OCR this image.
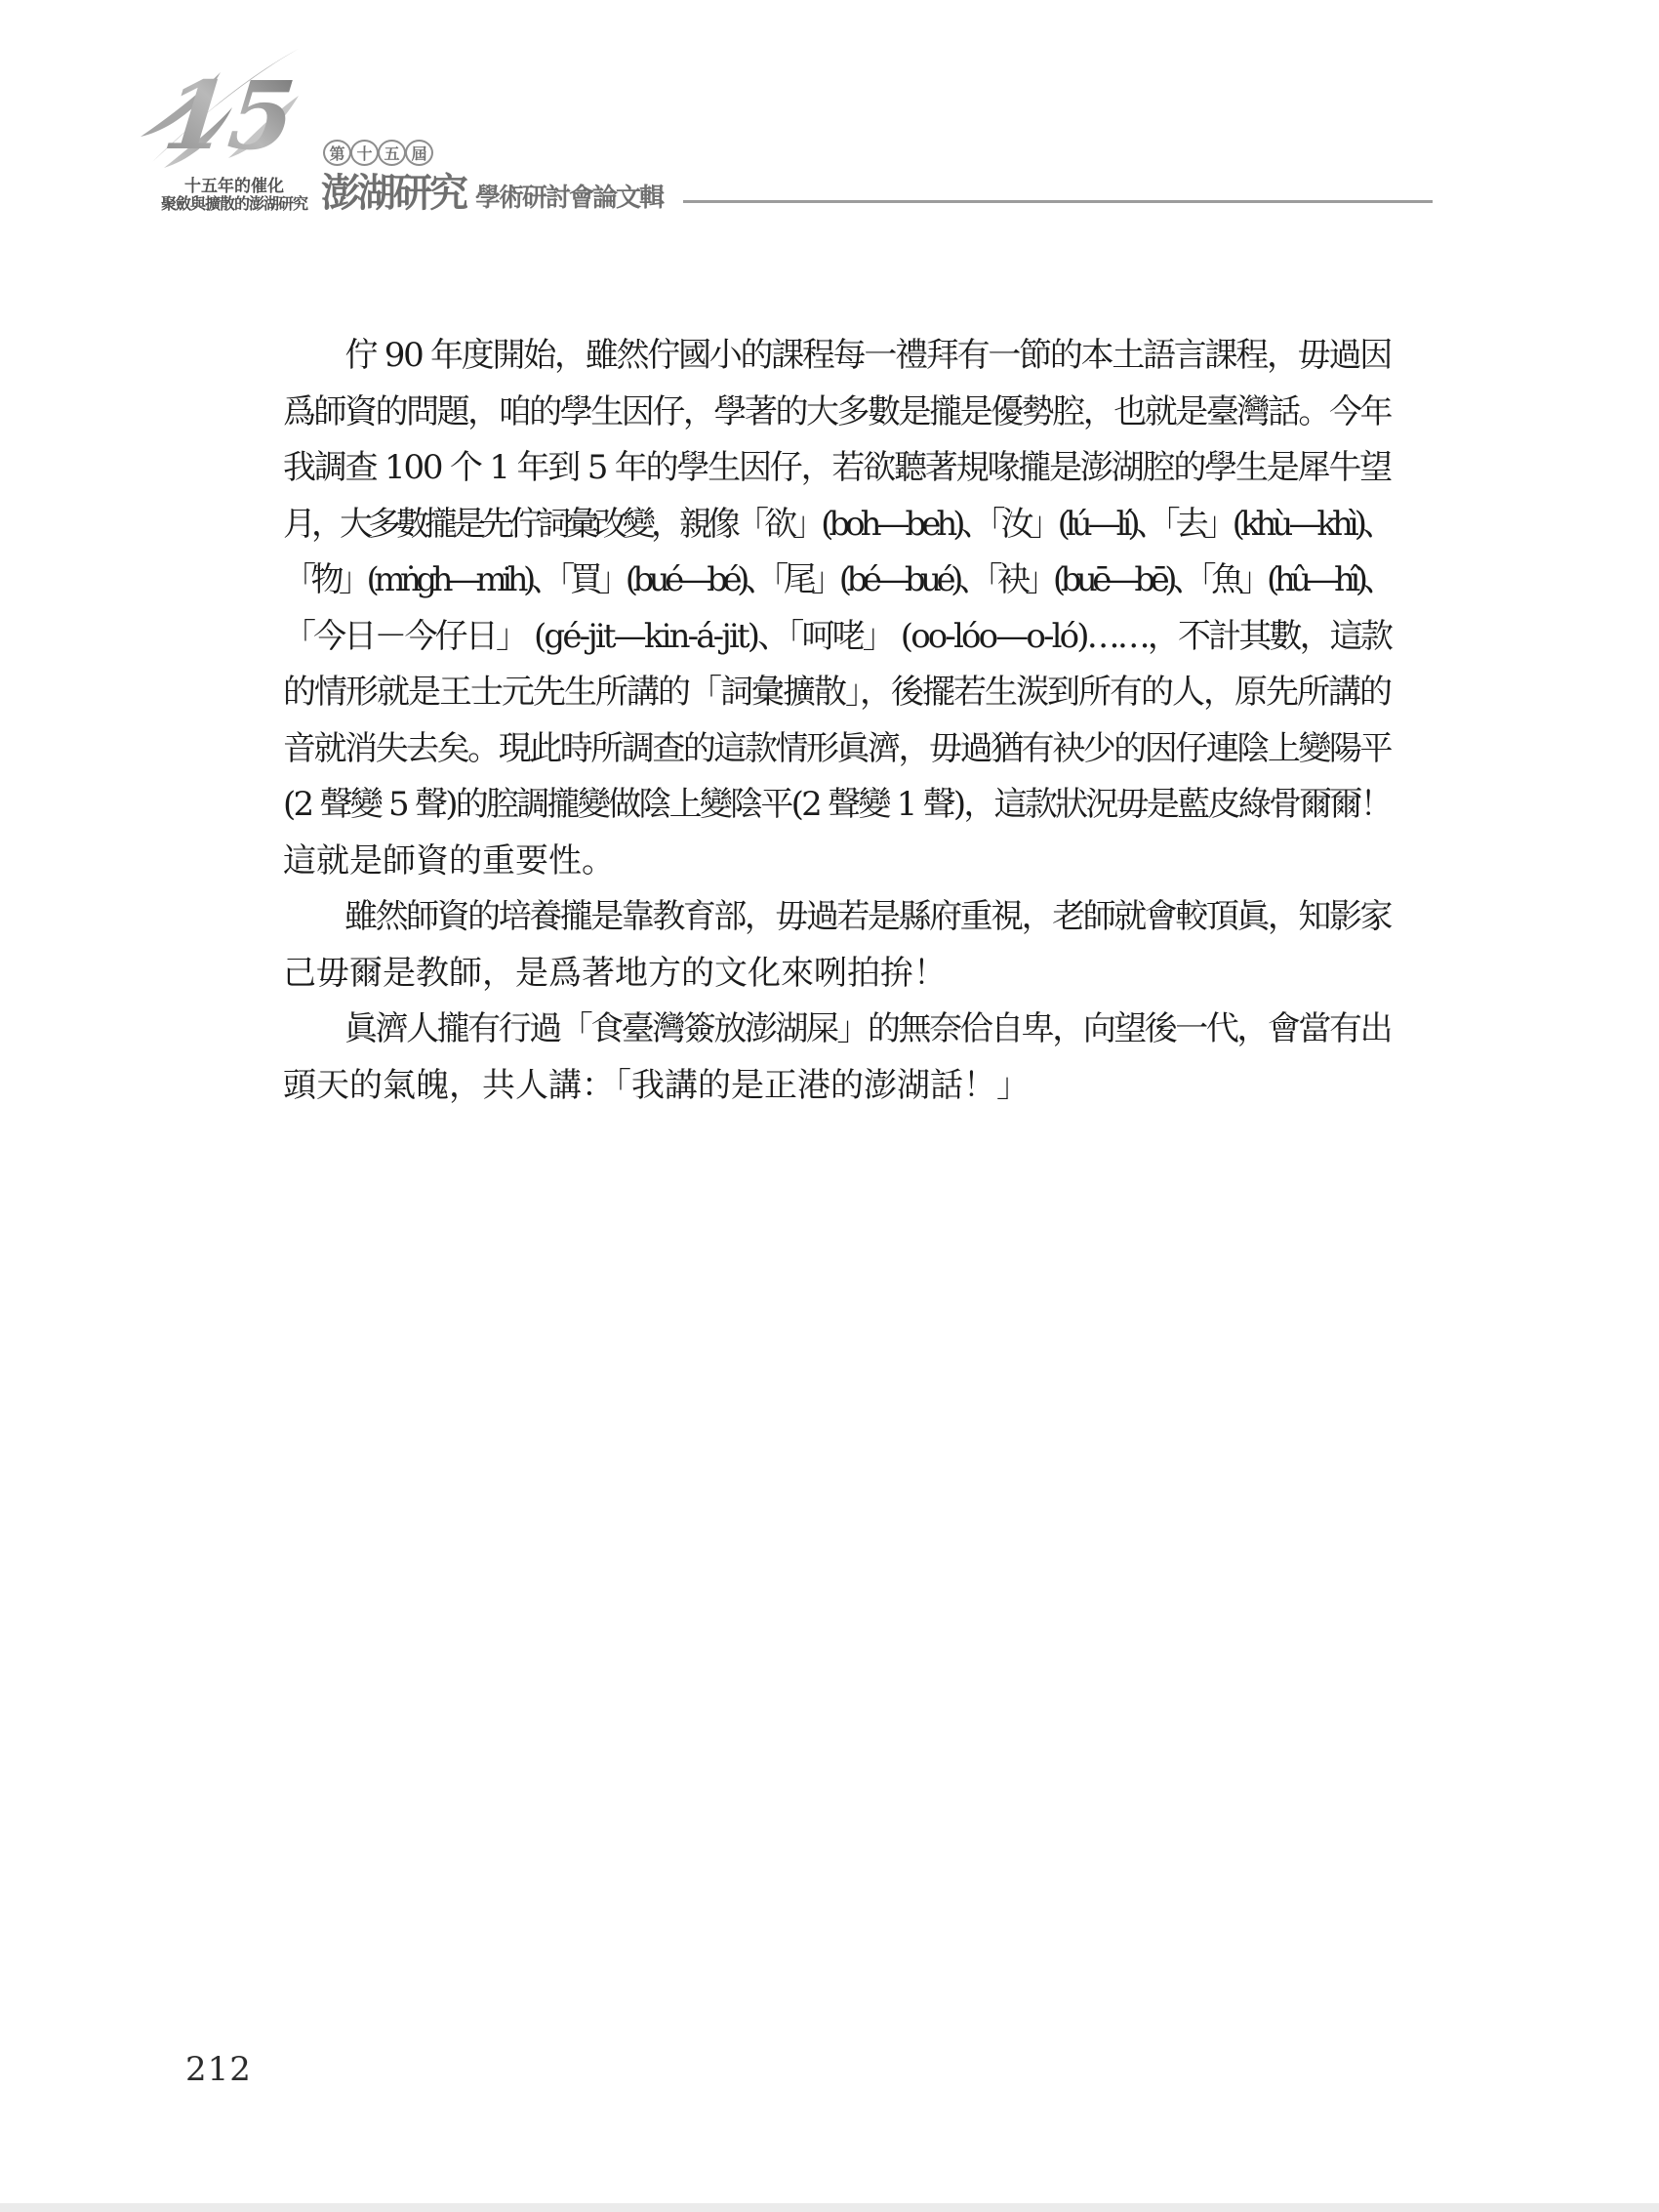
15
十五年的催化
聚斂與擴散的澎湖研究
第 十 五 屆
澎湖研究 學術研討會論文輯
　　佇 90 年度開始，雖然佇國小的課程每一禮拜有一節的本土語言課程，毋過因
爲師資的問題，咱的學生因仔，學著的大多數是攏是優勢腔，也就是臺灣話。今年
我調查 100 个 1 年到 5 年的學生因仔，若欲聽著規喙攏是澎湖腔的學生是犀牛望
月，大多數攏是先佇詞彙改變，親像「欲」(boh—beh)、「汝」(lú—lí)、「去」(khù—khì)、
「物」(mṅgh—mih)、「買」(bué—bé)、「尾」(bé—bué)、「袂」(buē—bē)、「魚」(hû—hî)、
「今日－今仔日」 (gé-jit—kin-á-jit)、「呵咾」 (oo-lóo—o-ló)……，不計其數，這款
的情形就是王士元先生所講的「詞彙擴散」，後擺若生湠到所有的人，原先所講的
音就消失去矣。現此時所調查的這款情形眞濟，毋過猶有袂少的因仔連陰上變陽平
(2 聲變 5 聲)的腔調攏變做陰上變陰平(2 聲變 1 聲)，這款狀況毋是藍皮綠骨爾爾！
這就是師資的重要性。
　　雖然師資的培養攏是靠教育部，毋過若是縣府重視，老師就會較頂眞，知影家
己毋爾是教師，是爲著地方的文化來咧拍拚！
　　眞濟人攏有行過「食臺灣簽放澎湖屎」的無奈佮自卑，向望後一代，會當有出
頭天的氣魄，共人講：「我講的是正港的澎湖話！」
212
